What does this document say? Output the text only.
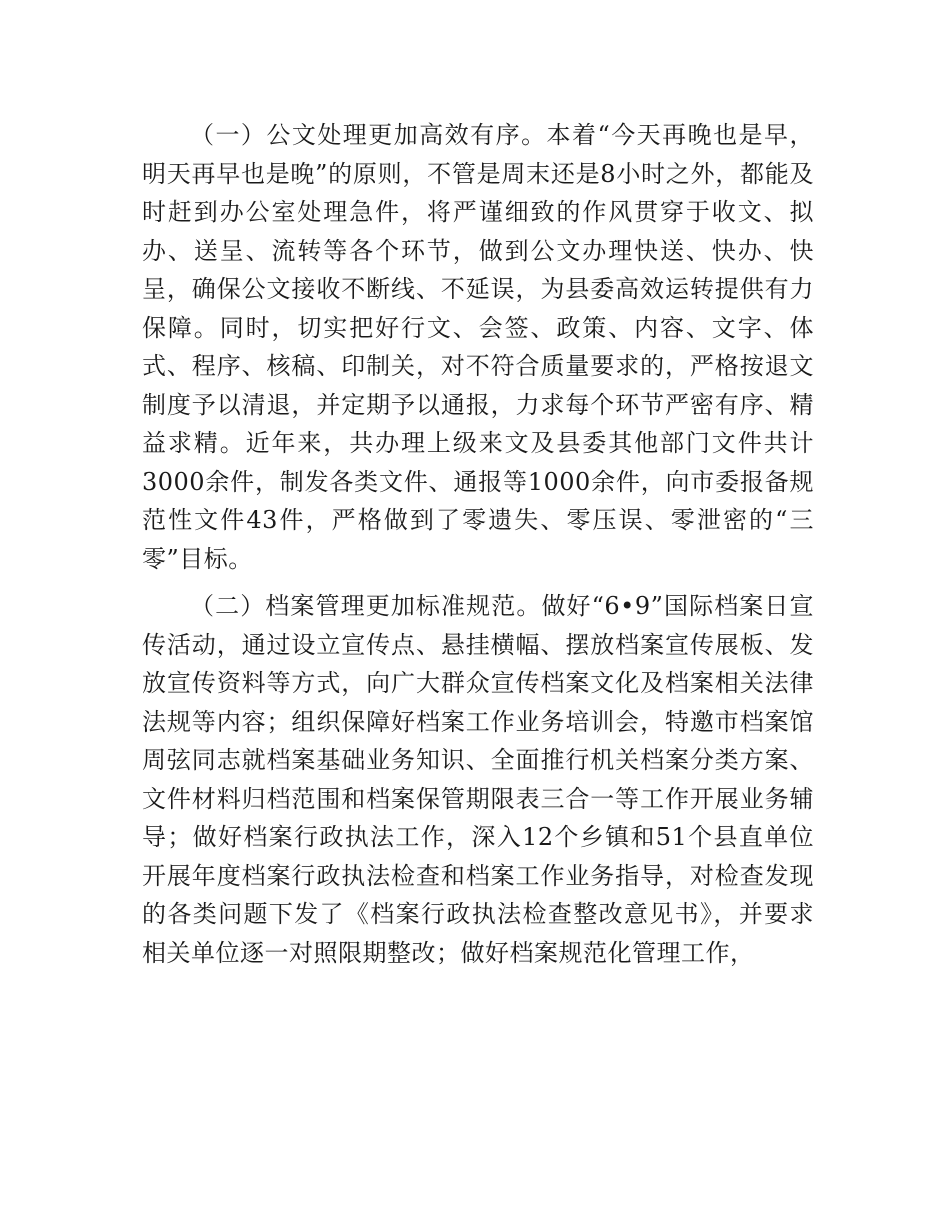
（一）公文处理更加高效有序。本着“今天再晚也是早，明天再早也是晚”的原则，不管是周末还是8小时之外，都能及时赶到办公室处理急件，将严谨细致的作风贯穿于收文、拟办、送呈、流转等各个环节，做到公文办理快送、快办、快呈，确保公文接收不断线、不延误，为县委高效运转提供有力保障。同时，切实把好行文、会签、政策、内容、文字、体式、程序、核稿、印制关，对不符合质量要求的，严格按退文制度予以清退，并定期予以通报，力求每个环节严密有序、精益求精。近年来，共办理上级来文及县委其他部门文件共计3000余件，制发各类文件、通报等1000余件，向市委报备规范性文件43件，严格做到了零遗失、零压误、零泄密的“三零”目标。

（二）档案管理更加标准规范。做好“6•9”国际档案日宣传活动，通过设立宣传点、悬挂横幅、摆放档案宣传展板、发放宣传资料等方式，向广大群众宣传档案文化及档案相关法律法规等内容；组织保障好档案工作业务培训会，特邀市档案馆周弦同志就档案基础业务知识、全面推行机关档案分类方案、文件材料归档范围和档案保管期限表三合一等工作开展业务辅导；做好档案行政执法工作，深入12个乡镇和51个县直单位开展年度档案行政执法检查和档案工作业务指导，对检查发现的各类问题下发了《档案行政执法检查整改意见书》，并要求相关单位逐一对照限期整改；做好档案规范化管理工作，
